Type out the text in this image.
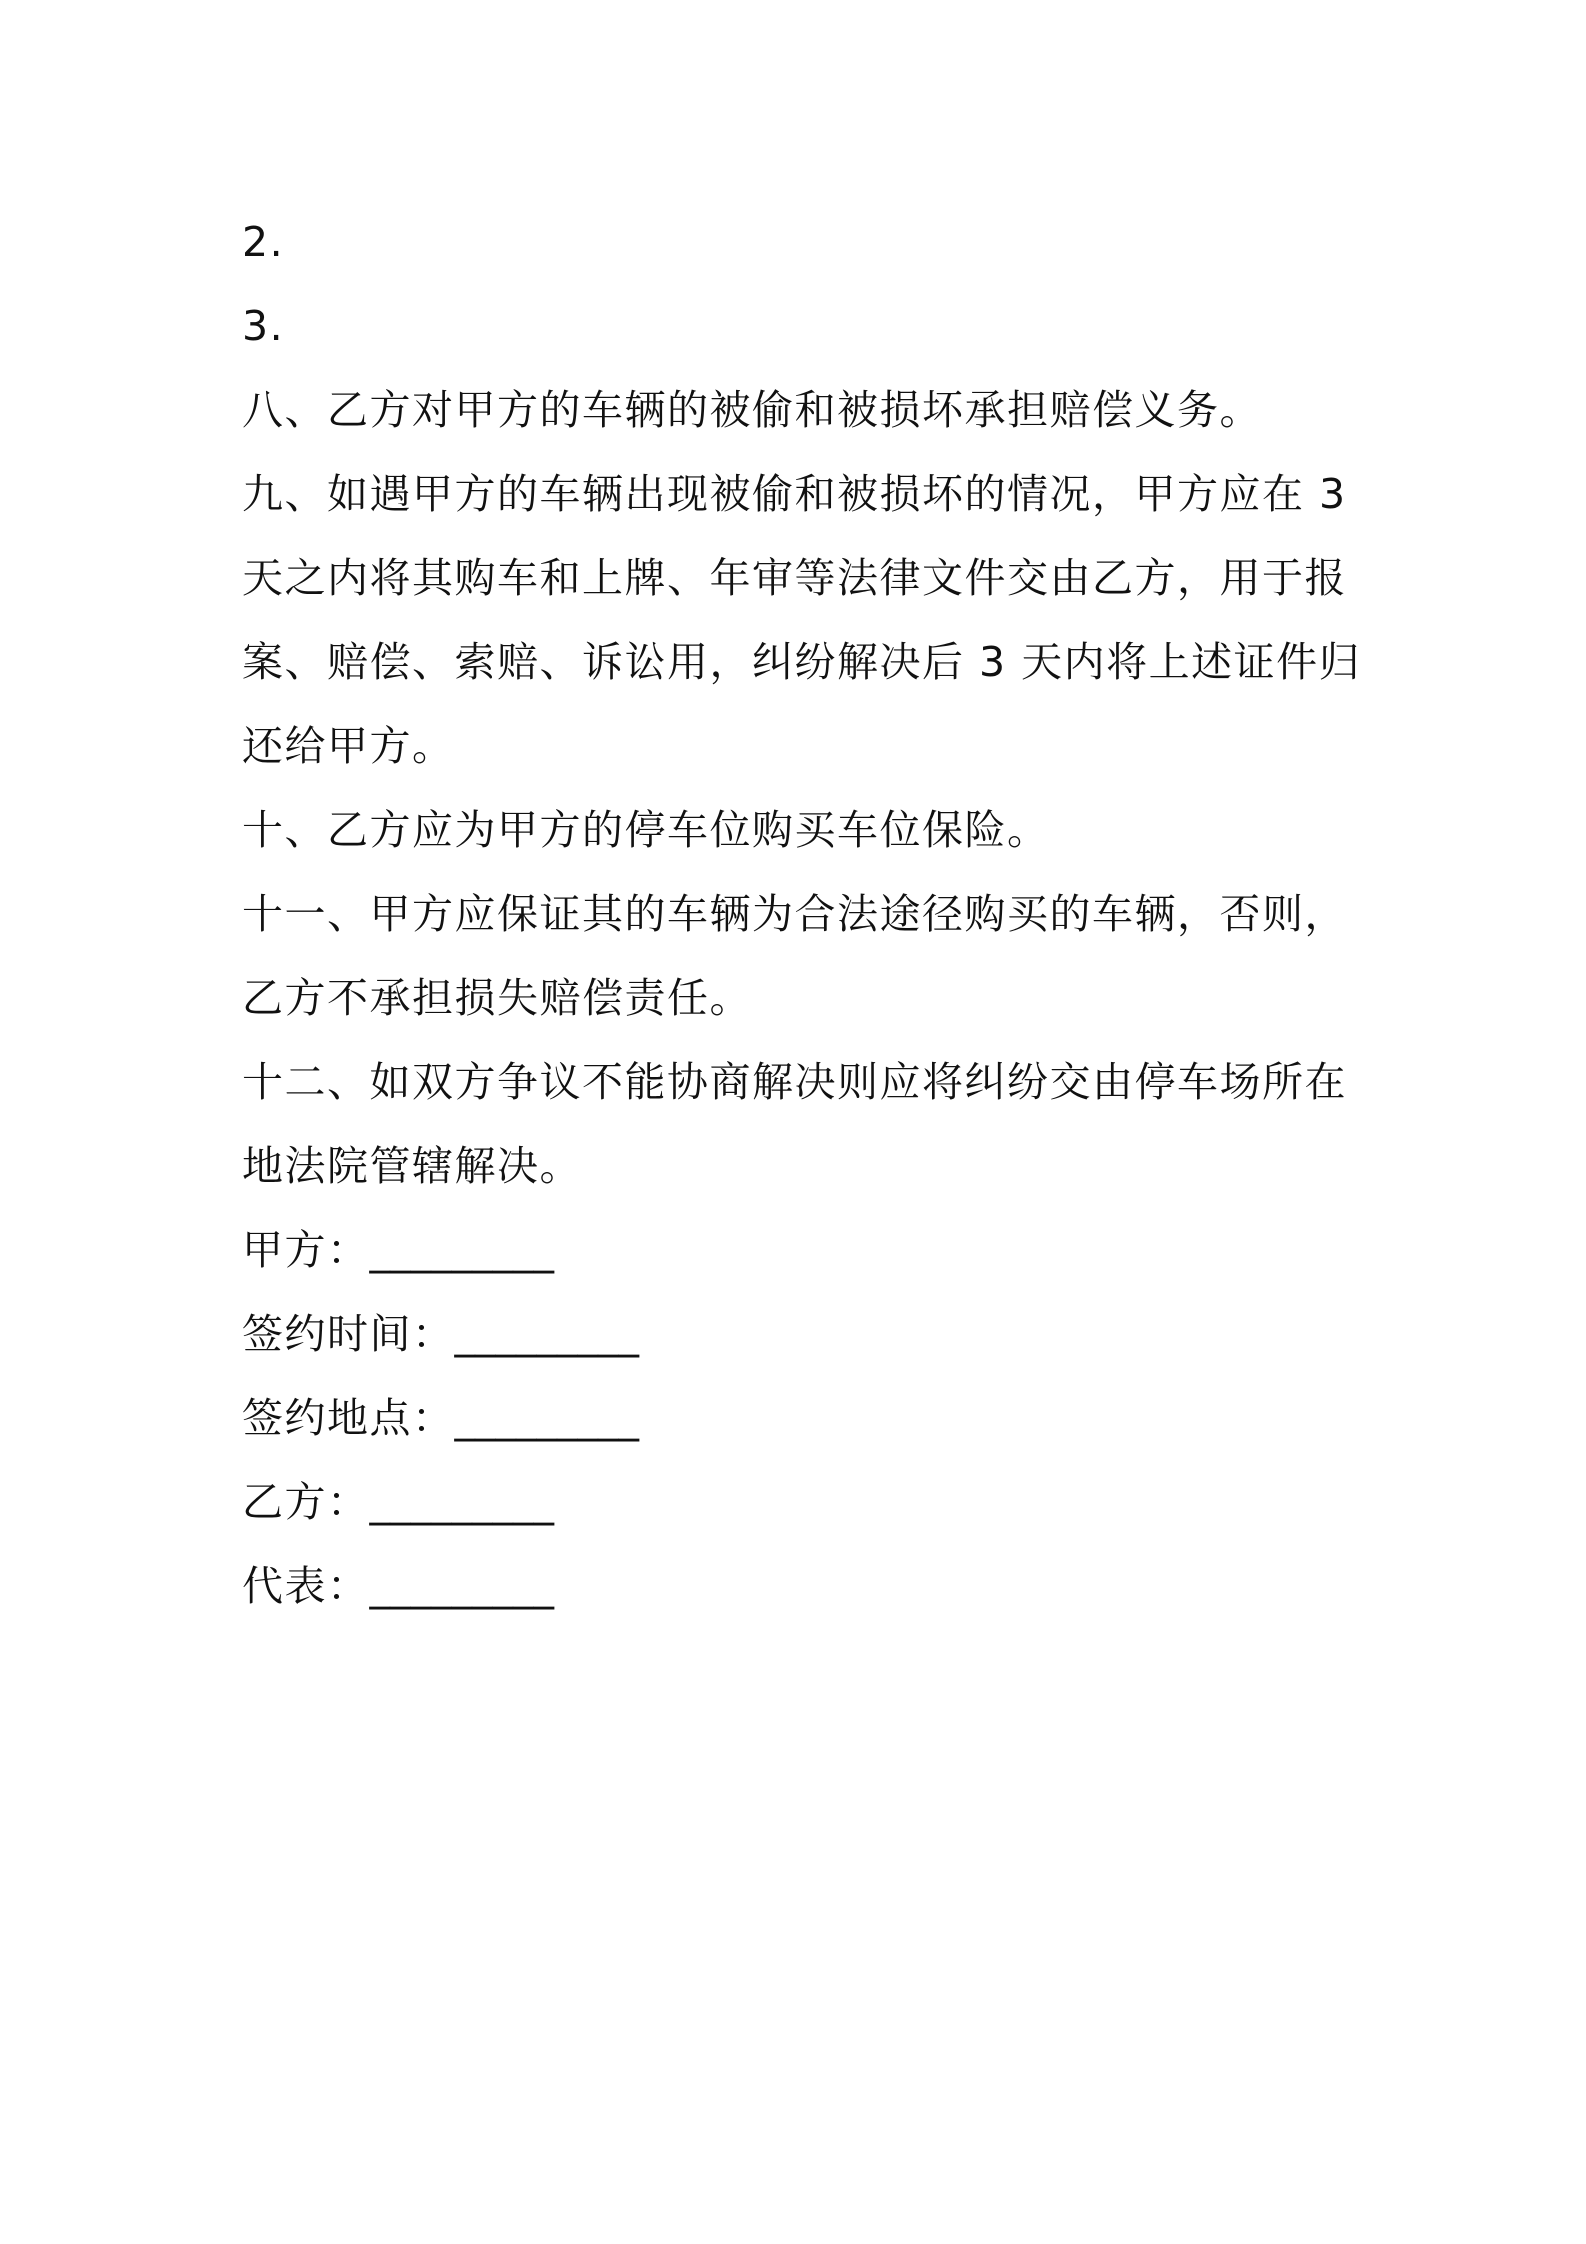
2.

3.

八、乙方对甲方的车辆的被偷和被损坏承担赔偿义务。

九、如遇甲方的车辆出现被偷和被损坏的情况，甲方应在 3

天之内将其购车和上牌、年审等法律文件交由乙方，用于报

案、赔偿、索赔、诉讼用，纠纷解决后 3 天内将上述证件归

还给甲方。

十、乙方应为甲方的停车位购买车位保险。

十一、甲方应保证其的车辆为合法途径购买的车辆，否则，

乙方不承担损失赔偿责任。

十二、如双方争议不能协商解决则应将纠纷交由停车场所在

地法院管辖解决。

甲方：_________

签约时间：_________

签约地点：_________

乙方：_________

代表：_________
